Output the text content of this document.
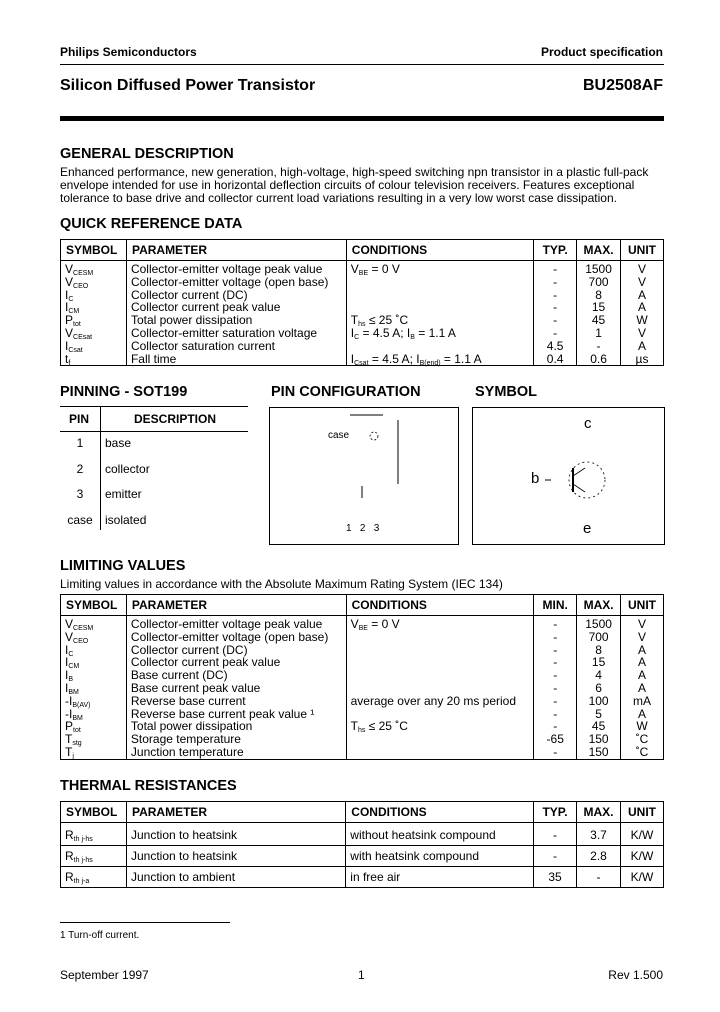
Philips Semiconductors	Product specification
Silicon Diffused Power Transistor	BU2508AF
GENERAL DESCRIPTION
Enhanced performance, new generation, high-voltage, high-speed switching npn transistor in a plastic full-pack
envelope intended for use in horizontal deflection circuits of colour television receivers. Features exceptional
tolerance to base drive and collector current load variations resulting in a very low worst case dissipation.
QUICK REFERENCE DATA
SYMBOL	PARAMETER	CONDITIONS	TYP.	MAX.	UNIT
$V_{CESM}$	Collector-emitter voltage peak value	$V_{BE} = 0$ V	-	1500	V
$V_{CEO}$	Collector-emitter voltage (open base)		-	700	V
$I_C$	Collector current (DC)		-	8	A
$I_{CM}$	Collector current peak value		-	15	A
$P_{tot}$	Total power dissipation	$T_{hs} \le 25$ ˚C	-	45	W
$V_{CEsat}$	Collector-emitter saturation voltage	$I_C = 4.5$ A; $I_B = 1.1$ A	-	1	V
$I_{Csat}$	Collector saturation current		4.5	-	A
$t_f$	Fall time	$I_{Csat} = 4.5$ A; $I_{B(end)} = 1.1$ A	0.4	0.6	µs
PINNING - SOT199
PIN	DESCRIPTION
1	base
2	collector
3	emitter
case	isolated
PIN CONFIGURATION
case
1   2   3
SYMBOL
c
b
e
LIMITING VALUES
Limiting values in accordance with the Absolute Maximum Rating System (IEC 134)
SYMBOL	PARAMETER	CONDITIONS	MIN.	MAX.	UNIT
$V_{CESM}$	Collector-emitter voltage peak value	$V_{BE} = 0$ V	-	1500	V
$V_{CEO}$	Collector-emitter voltage (open base)		-	700	V
$I_C$	Collector current (DC)		-	8	A
$I_{CM}$	Collector current peak value		-	15	A
$I_B$	Base current (DC)		-	4	A
$I_{BM}$	Base current peak value		-	6	A
$-I_{B(AV)}$	Reverse base current	average over any 20 ms period	-	100	mA
$-I_{BM}$	Reverse base current peak value ¹		-	5	A
$P_{tot}$	Total power dissipation	$T_{hs} \le 25$ ˚C	-	45	W
$T_{stg}$	Storage temperature		-65	150	˚C
$T_j$	Junction temperature		-	150	˚C
THERMAL RESISTANCES
SYMBOL	PARAMETER	CONDITIONS	TYP.	MAX.	UNIT
$R_{th j-hs}$	Junction to heatsink	without heatsink compound	-	3.7	K/W
$R_{th j-hs}$	Junction to heatsink	with heatsink compound	-	2.8	K/W
$R_{th j-a}$	Junction to ambient	in free air	35	-	K/W
1 Turn-off current.
September 1997	1	Rev 1.500
